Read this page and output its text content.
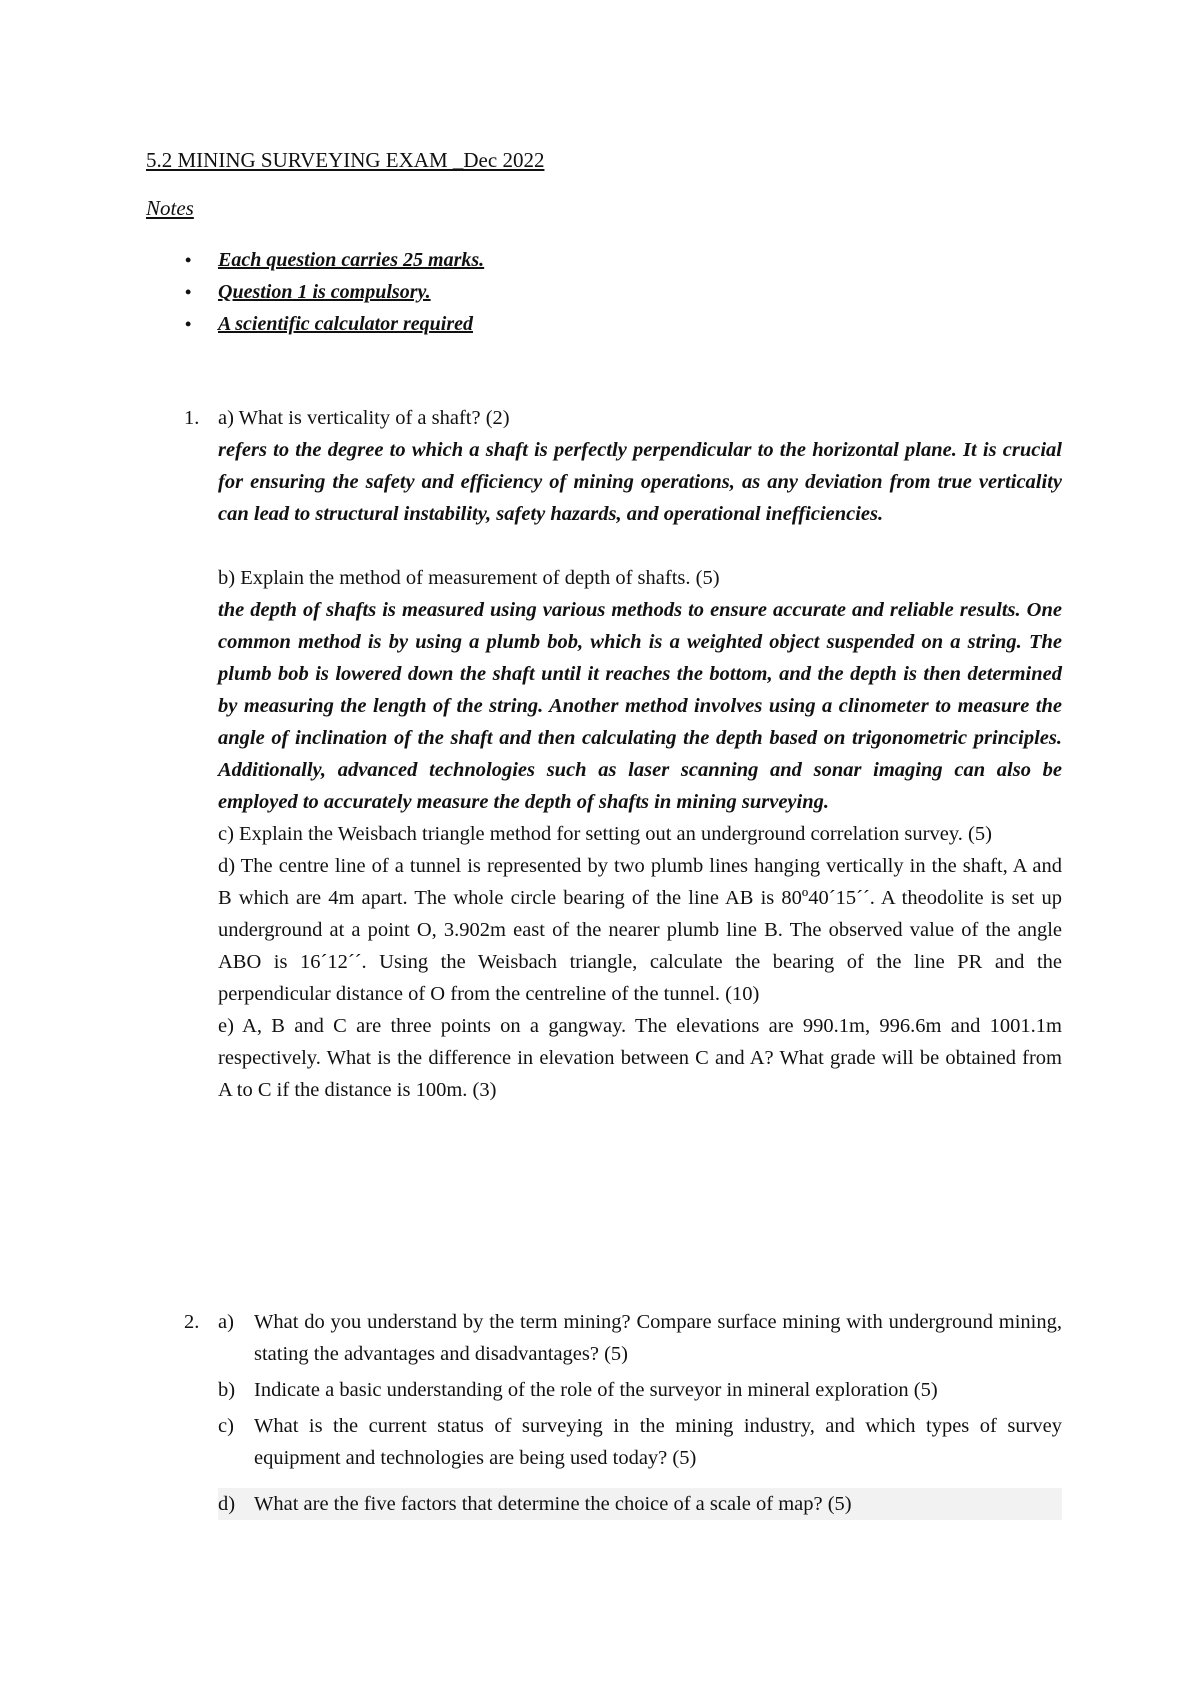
5.2 MINING SURVEYING EXAM _Dec 2022
Notes
• Each question carries 25 marks.
• Question 1 is compulsory.
• A scientific calculator required
1. a) What is verticality of a shaft? (2)
refers to the degree to which a shaft is perfectly perpendicular to the horizontal plane. It is crucial for ensuring the safety and efficiency of mining operations, as any deviation from true verticality can lead to structural instability, safety hazards, and operational inefficiencies.
b) Explain the method of measurement of depth of shafts. (5)
the depth of shafts is measured using various methods to ensure accurate and reliable results. One common method is by using a plumb bob, which is a weighted object suspended on a string. The plumb bob is lowered down the shaft until it reaches the bottom, and the depth is then determined by measuring the length of the string. Another method involves using a clinometer to measure the angle of inclination of the shaft and then calculating the depth based on trigonometric principles. Additionally, advanced technologies such as laser scanning and sonar imaging can also be employed to accurately measure the depth of shafts in mining surveying.
c) Explain the Weisbach triangle method for setting out an underground correlation survey. (5)
d) The centre line of a tunnel is represented by two plumb lines hanging vertically in the shaft, A and B which are 4m apart. The whole circle bearing of the line AB is 80º40´15´´. A theodolite is set up underground at a point O, 3.902m east of the nearer plumb line B. The observed value of the angle ABO is 16´12´´. Using the Weisbach triangle, calculate the bearing of the line PR and the perpendicular distance of O from the centreline of the tunnel. (10)
e) A, B and C are three points on a gangway. The elevations are 990.1m, 996.6m and 1001.1m respectively. What is the difference in elevation between C and A? What grade will be obtained from A to C if the distance is 100m. (3)
2. a) What do you understand by the term mining? Compare surface mining with underground mining, stating the advantages and disadvantages? (5)
b) Indicate a basic understanding of the role of the surveyor in mineral exploration (5)
c) What is the current status of surveying in the mining industry, and which types of survey equipment and technologies are being used today? (5)
d) What are the five factors that determine the choice of a scale of map? (5)
